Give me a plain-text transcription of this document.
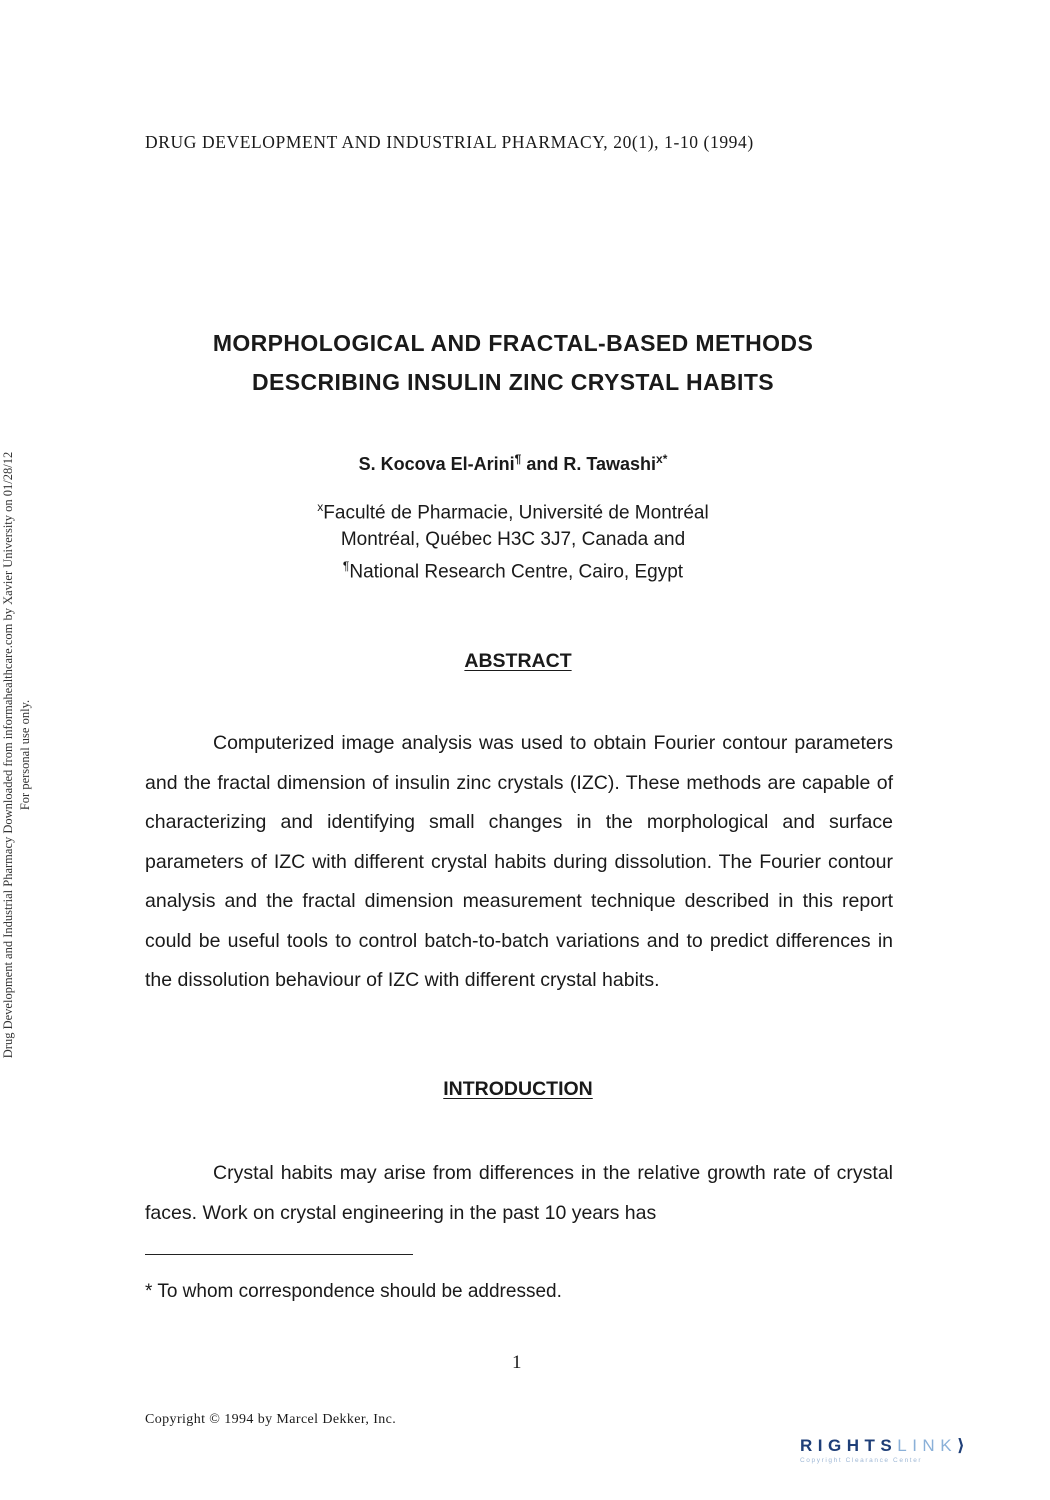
DRUG DEVELOPMENT AND INDUSTRIAL PHARMACY, 20(1), 1-10 (1994)
Drug Development and Industrial Pharmacy Downloaded from informahealthcare.com by Xavier University on 01/28/12 For personal use only.
MORPHOLOGICAL AND FRACTAL-BASED METHODS
DESCRIBING INSULIN ZINC CRYSTAL HABITS
S. Kocova El-Arini¶ and R. Tawashi$^{x*}$
$^x$Faculté de Pharmacie, Université de Montréal
Montréal, Québec H3C 3J7, Canada and
¶National Research Centre, Cairo, Egypt
ABSTRACT
Computerized image analysis was used to obtain Fourier contour parameters and the fractal dimension of insulin zinc crystals (IZC). These methods are capable of characterizing and identifying small changes in the morphological and surface parameters of IZC with different crystal habits during dissolution. The Fourier contour analysis and the fractal dimension measurement technique described in this report could be useful tools to control batch-to-batch variations and to predict differences in the dissolution behaviour of IZC with different crystal habits.
INTRODUCTION
Crystal habits may arise from differences in the relative growth rate of crystal faces. Work on crystal engineering in the past 10 years has
* To whom correspondence should be addressed.
1
Copyright © 1994 by Marcel Dekker, Inc.
RIGHTSLINK⟩
Copyright Clearance Center
